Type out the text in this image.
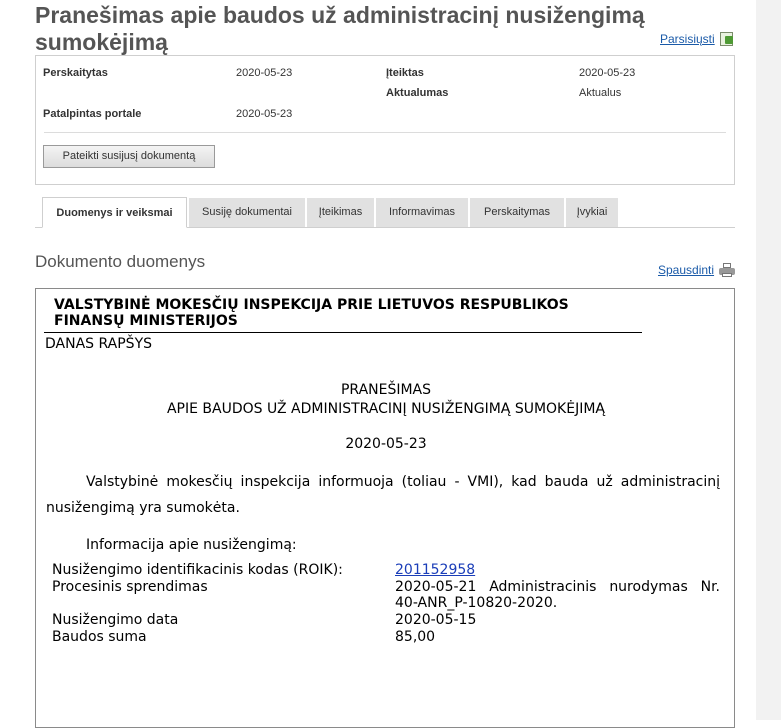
Pranešimas apie baudos už administracinį nusižengimą sumokėjimą	Parsisiųsti
Perskaitytas	2020-05-23	Įteiktas	2020-05-23
Aktualumas	Aktualus
Patalpintas portale	2020-05-23
Pateikti susijusį dokumentą
Duomenys ir veiksmai	Susiję dokumentai	Įteikimas	Informavimas	Perskaitymas	Įvykiai
Dokumento duomenys	Spausdinti
VALSTYBINĖ MOKESČIŲ INSPEKCIJA PRIE LIETUVOS RESPUBLIKOS FINANSŲ MINISTERIJOS
DANAS RAPŠYS
PRANEŠIMAS
APIE BAUDOS UŽ ADMINISTRACINĮ NUSIŽENGIMĄ SUMOKĖJIMĄ
2020-05-23
Valstybinė mokesčių inspekcija informuoja (toliau - VMI), kad bauda už administracinį nusižengimą yra sumokėta.
Informacija apie nusižengimą:
Nusižengimo identifikacinis kodas (ROIK):	201152958
Procesinis sprendimas	2020-05-21 Administracinis nurodymas Nr. 40-ANR_P-10820-2020.
Nusižengimo data	2020-05-15
Baudos suma	85,00
